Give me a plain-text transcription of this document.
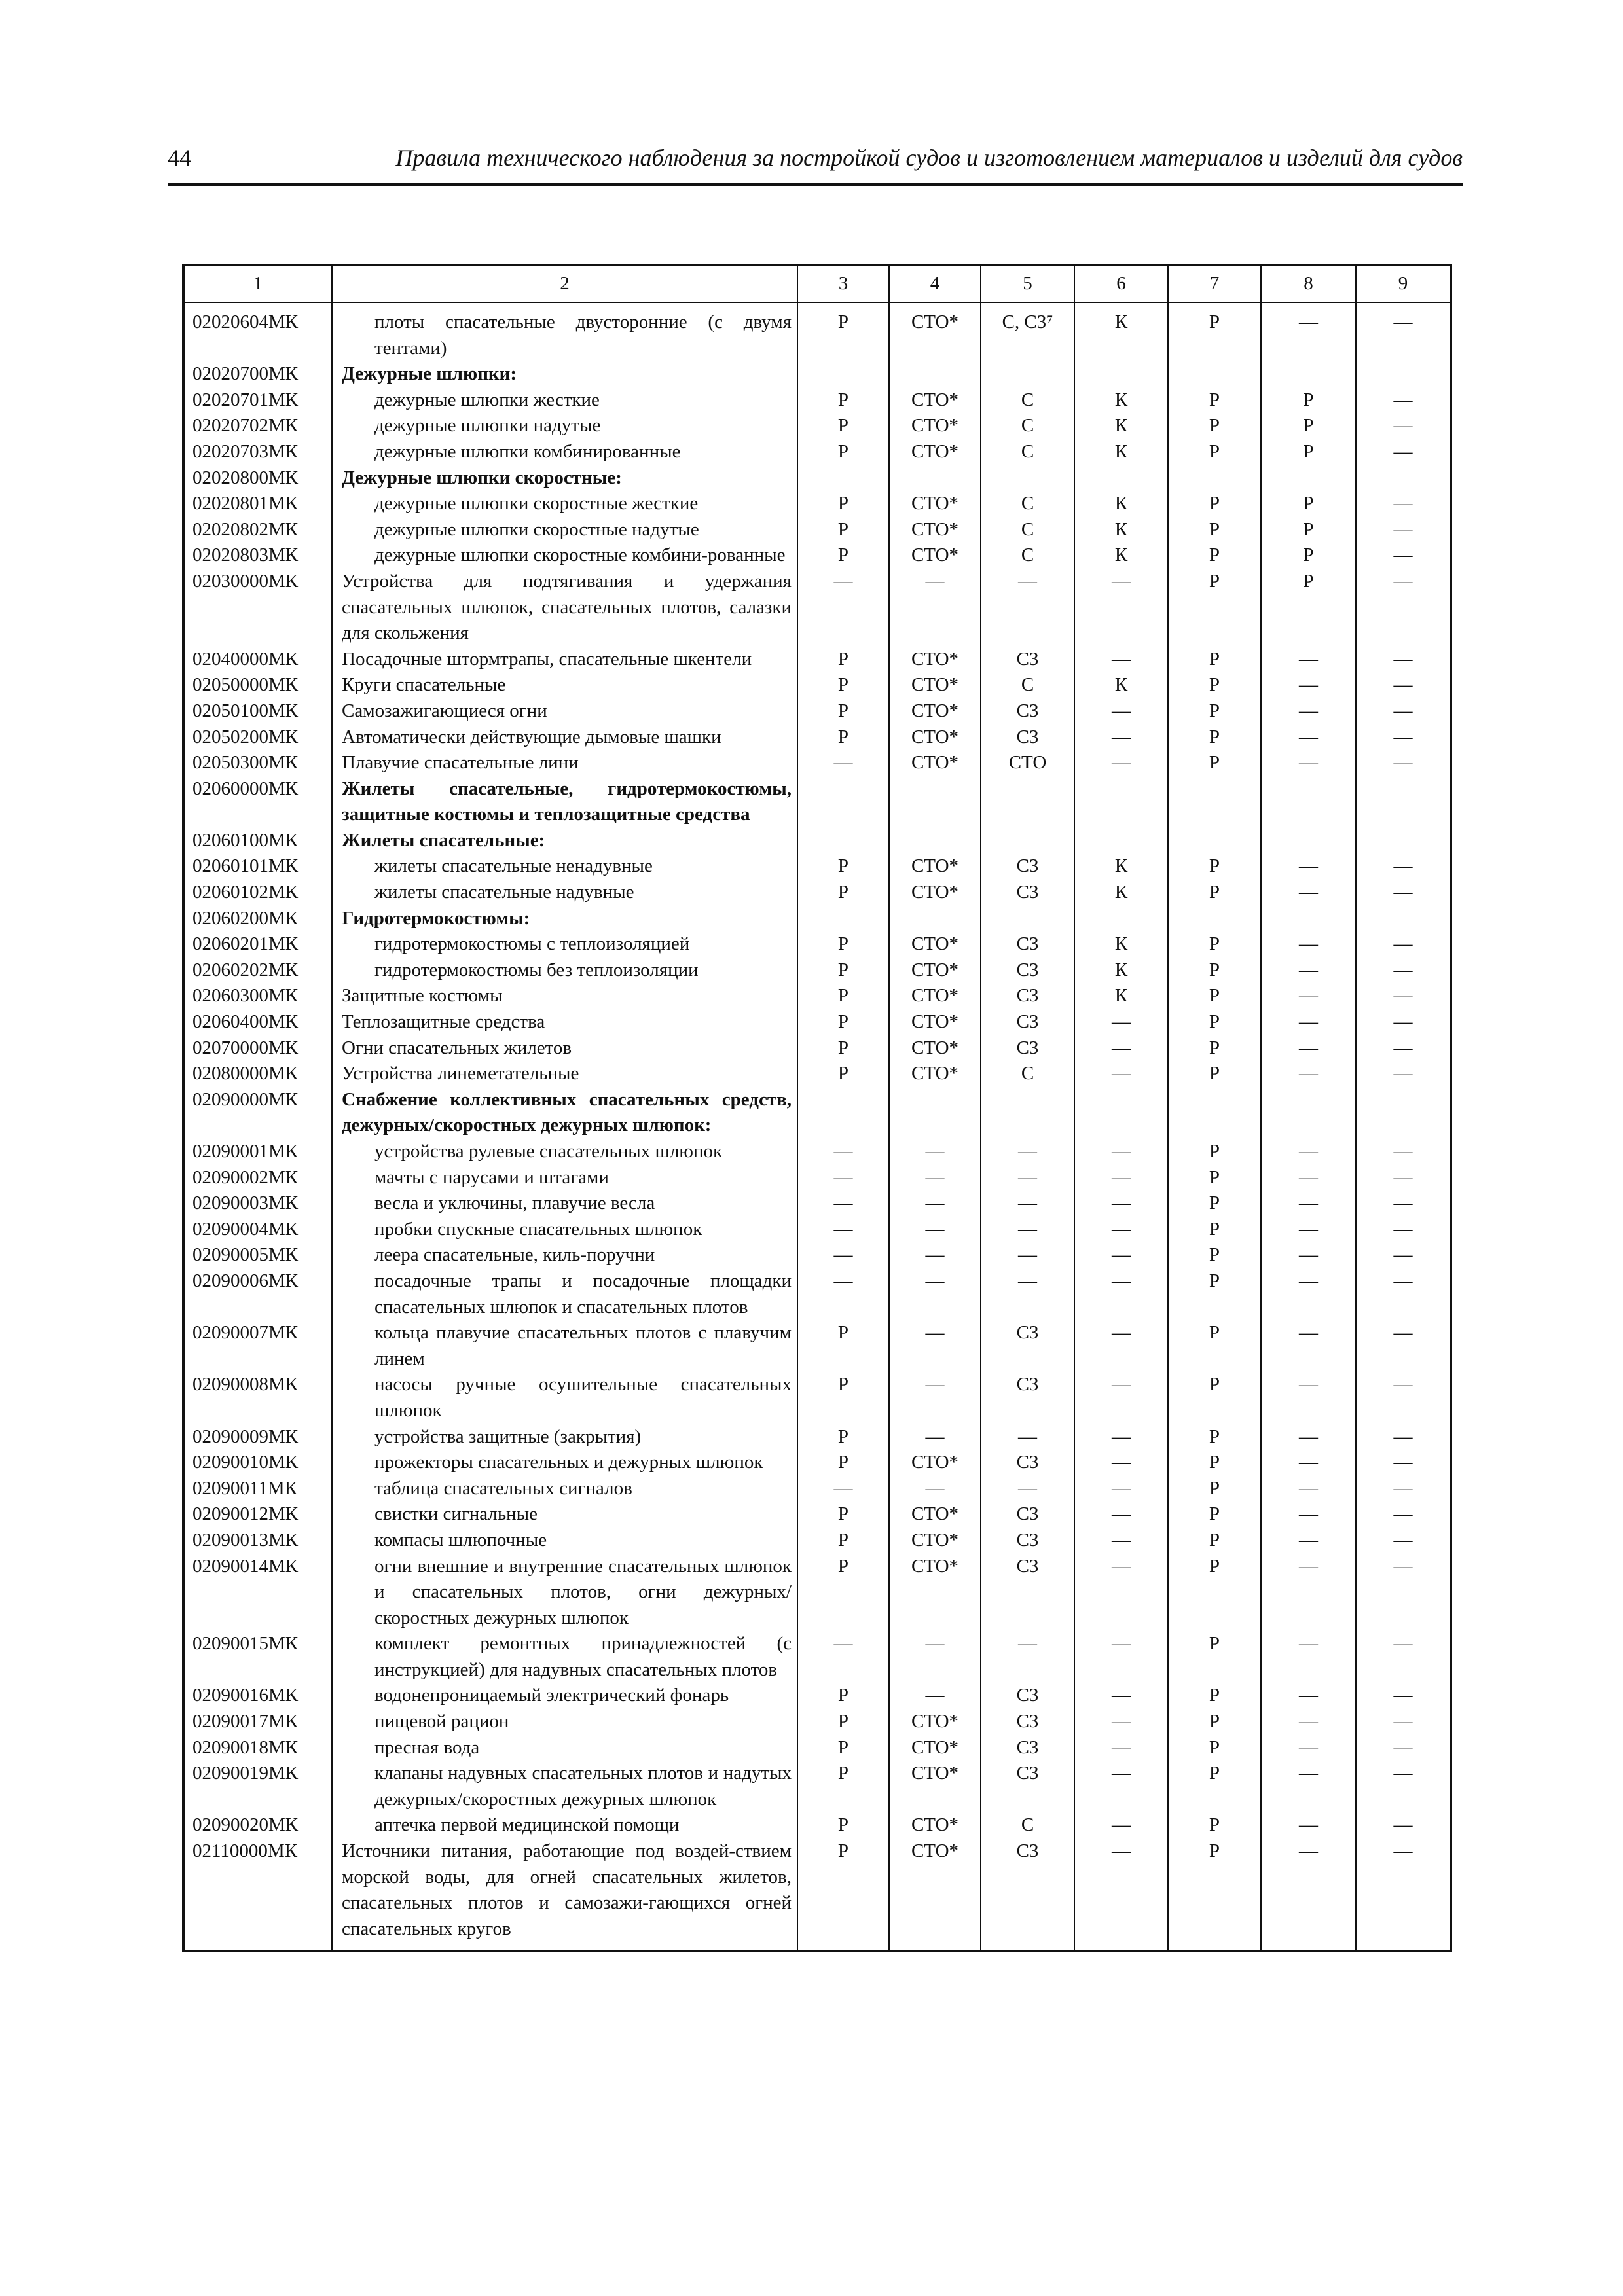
44	Правила технического наблюдения за постройкой судов и изготовлением материалов и изделий для судов
1	2	3	4	5	6	7	8	9
02020604МК	плоты спасательные двусторонние (с двумя тентами)	Р	СТО*	С, СЗ⁷	К	Р	—	—
02020700МК	Дежурные шлюпки:							
02020701МК	дежурные шлюпки жесткие	Р	СТО*	С	К	Р	Р	—
02020702МК	дежурные шлюпки надутые	Р	СТО*	С	К	Р	Р	—
02020703МК	дежурные шлюпки комбинированные	Р	СТО*	С	К	Р	Р	—
02020800МК	Дежурные шлюпки скоростные:							
02020801МК	дежурные шлюпки скоростные жесткие	Р	СТО*	С	К	Р	Р	—
02020802МК	дежурные шлюпки скоростные надутые	Р	СТО*	С	К	Р	Р	—
02020803МК	дежурные шлюпки скоростные комбини-рованные	Р	СТО*	С	К	Р	Р	—
02030000МК	Устройства для подтягивания и удержания спасательных шлюпок, спасательных плотов, салазки для скольжения	—	—	—	—	Р	Р	—
02040000МК	Посадочные штормтрапы, спасательные шкентели	Р	СТО*	СЗ	—	Р	—	—
02050000МК	Круги спасательные	Р	СТО*	С	К	Р	—	—
02050100МК	Самозажигающиеся огни	Р	СТО*	СЗ	—	Р	—	—
02050200МК	Автоматически действующие дымовые шашки	Р	СТО*	СЗ	—	Р	—	—
02050300МК	Плавучие спасательные лини	—	СТО*	СТО	—	Р	—	—
02060000МК	Жилеты спасательные, гидротермокостюмы, защитные костюмы и теплозащитные средства							
02060100МК	Жилеты спасательные:							
02060101МК	жилеты спасательные ненадувные	Р	СТО*	СЗ	К	Р	—	—
02060102МК	жилеты спасательные надувные	Р	СТО*	СЗ	К	Р	—	—
02060200МК	Гидротермокостюмы:							
02060201МК	гидротермокостюмы с теплоизоляцией	Р	СТО*	СЗ	К	Р	—	—
02060202МК	гидротермокостюмы без теплоизоляции	Р	СТО*	СЗ	К	Р	—	—
02060300МК	Защитные костюмы	Р	СТО*	СЗ	К	Р	—	—
02060400МК	Теплозащитные средства	Р	СТО*	СЗ	—	Р	—	—
02070000МК	Огни спасательных жилетов	Р	СТО*	СЗ	—	Р	—	—
02080000МК	Устройства линеметательные	Р	СТО*	С	—	Р	—	—
02090000МК	Снабжение коллективных спасательных средств, дежурных/скоростных дежурных шлюпок:							
02090001МК	устройства рулевые спасательных шлюпок	—	—	—	—	Р	—	—
02090002МК	мачты с парусами и штагами	—	—	—	—	Р	—	—
02090003МК	весла и уключины, плавучие весла	—	—	—	—	Р	—	—
02090004МК	пробки спускные спасательных шлюпок	—	—	—	—	Р	—	—
02090005МК	леера спасательные, киль-поручни	—	—	—	—	Р	—	—
02090006МК	посадочные трапы и посадочные площадки спасательных шлюпок и спасательных плотов	—	—	—	—	Р	—	—
02090007МК	кольца плавучие спасательных плотов с плавучим линем	Р	—	СЗ	—	Р	—	—
02090008МК	насосы ручные осушительные спасательных шлюпок	Р	—	СЗ	—	Р	—	—
02090009МК	устройства защитные (закрытия)	Р	—	—	—	Р	—	—
02090010МК	прожекторы спасательных и дежурных шлюпок	Р	СТО*	СЗ	—	Р	—	—
02090011МК	таблица спасательных сигналов	—	—	—	—	Р	—	—
02090012МК	свистки сигнальные	Р	СТО*	СЗ	—	Р	—	—
02090013МК	компасы шлюпочные	Р	СТО*	СЗ	—	Р	—	—
02090014МК	огни внешние и внутренние спасательных шлюпок и спасательных плотов, огни дежурных/скоростных дежурных шлюпок	Р	СТО*	СЗ	—	Р	—	—
02090015МК	комплект ремонтных принадлежностей (с инструкцией) для надувных спасательных плотов	—	—	—	—	Р	—	—
02090016МК	водонепроницаемый электрический фонарь	Р	—	СЗ	—	Р	—	—
02090017МК	пищевой рацион	Р	СТО*	СЗ	—	Р	—	—
02090018МК	пресная вода	Р	СТО*	СЗ	—	Р	—	—
02090019МК	клапаны надувных спасательных плотов и надутых дежурных/скоростных дежурных шлюпок	Р	СТО*	СЗ	—	Р	—	—
02090020МК	аптечка первой медицинской помощи	Р	СТО*	С	—	Р	—	—
02110000МК	Источники питания, работающие под воздей-ствием морской воды, для огней спасательных жилетов, спасательных плотов и самозажи-гающихся огней спасательных кругов	Р	СТО*	СЗ	—	Р	—	—
